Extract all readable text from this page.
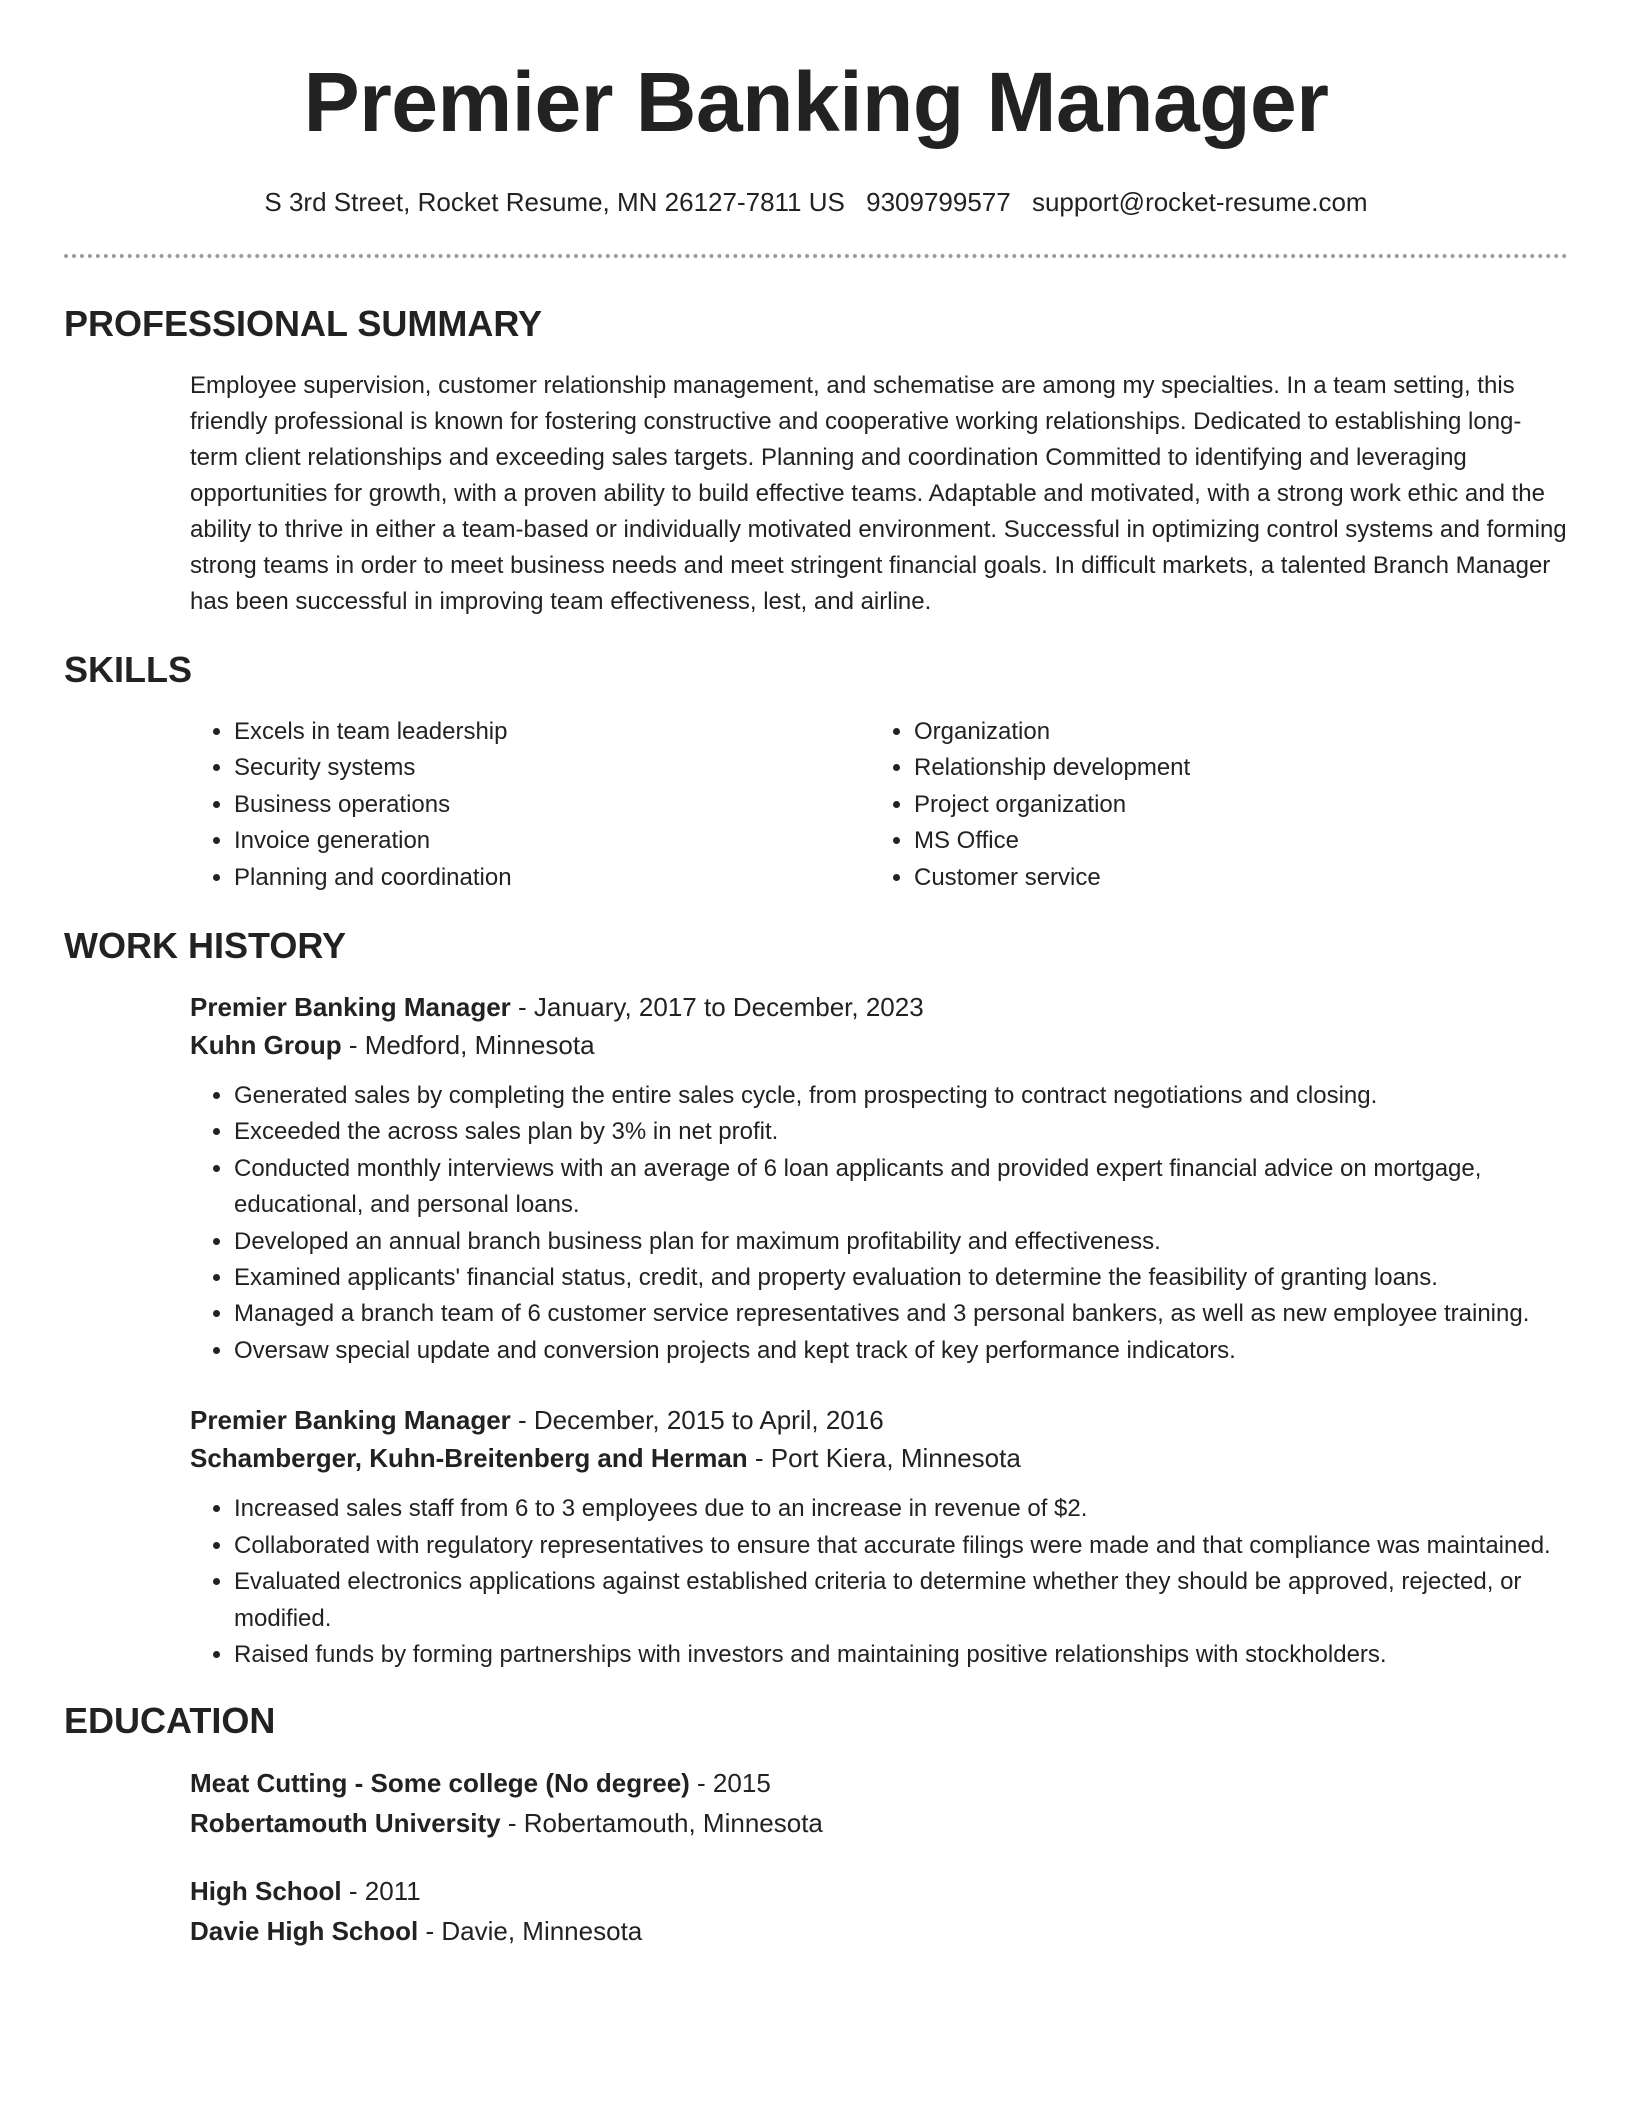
Premier Banking Manager
S 3rd Street, Rocket Resume, MN 26127-7811 US 9309799577 support@rocket-resume.com
PROFESSIONAL SUMMARY

Employee supervision, customer relationship management, and schematise are among my specialties. In a team setting, this friendly professional is known for fostering constructive and cooperative working relationships. Dedicated to establishing long-term client relationships and exceeding sales targets. Planning and coordination Committed to identifying and leveraging opportunities for growth, with a proven ability to build effective teams. Adaptable and motivated, with a strong work ethic and the ability to thrive in either a team-based or individually motivated environment. Successful in optimizing control systems and forming strong teams in order to meet business needs and meet stringent financial goals. In difficult markets, a talented Branch Manager has been successful in improving team effectiveness, lest, and airline.

SKILLS
• Excels in team leadership
• Security systems
• Business operations
• Invoice generation
• Planning and coordination
• Organization
• Relationship development
• Project organization
• MS Office
• Customer service
WORK HISTORY
Premier Banking Manager - January, 2017 to December, 2023
Kuhn Group - Medford, Minnesota
• Generated sales by completing the entire sales cycle, from prospecting to contract negotiations and closing.
• Exceeded the across sales plan by 3% in net profit.
• Conducted monthly interviews with an average of 6 loan applicants and provided expert financial advice on mortgage, educational, and personal loans.
• Developed an annual branch business plan for maximum profitability and effectiveness.
• Examined applicants' financial status, credit, and property evaluation to determine the feasibility of granting loans.
• Managed a branch team of 6 customer service representatives and 3 personal bankers, as well as new employee training.
• Oversaw special update and conversion projects and kept track of key performance indicators.
Premier Banking Manager - December, 2015 to April, 2016
Schamberger, Kuhn-Breitenberg and Herman - Port Kiera, Minnesota
• Increased sales staff from 6 to 3 employees due to an increase in revenue of $2.
• Collaborated with regulatory representatives to ensure that accurate filings were made and that compliance was maintained.
• Evaluated electronics applications against established criteria to determine whether they should be approved, rejected, or modified.
• Raised funds by forming partnerships with investors and maintaining positive relationships with stockholders.
EDUCATION
Meat Cutting - Some college (No degree) - 2015
Robertamouth University - Robertamouth, Minnesota
High School - 2011
Davie High School - Davie, Minnesota
